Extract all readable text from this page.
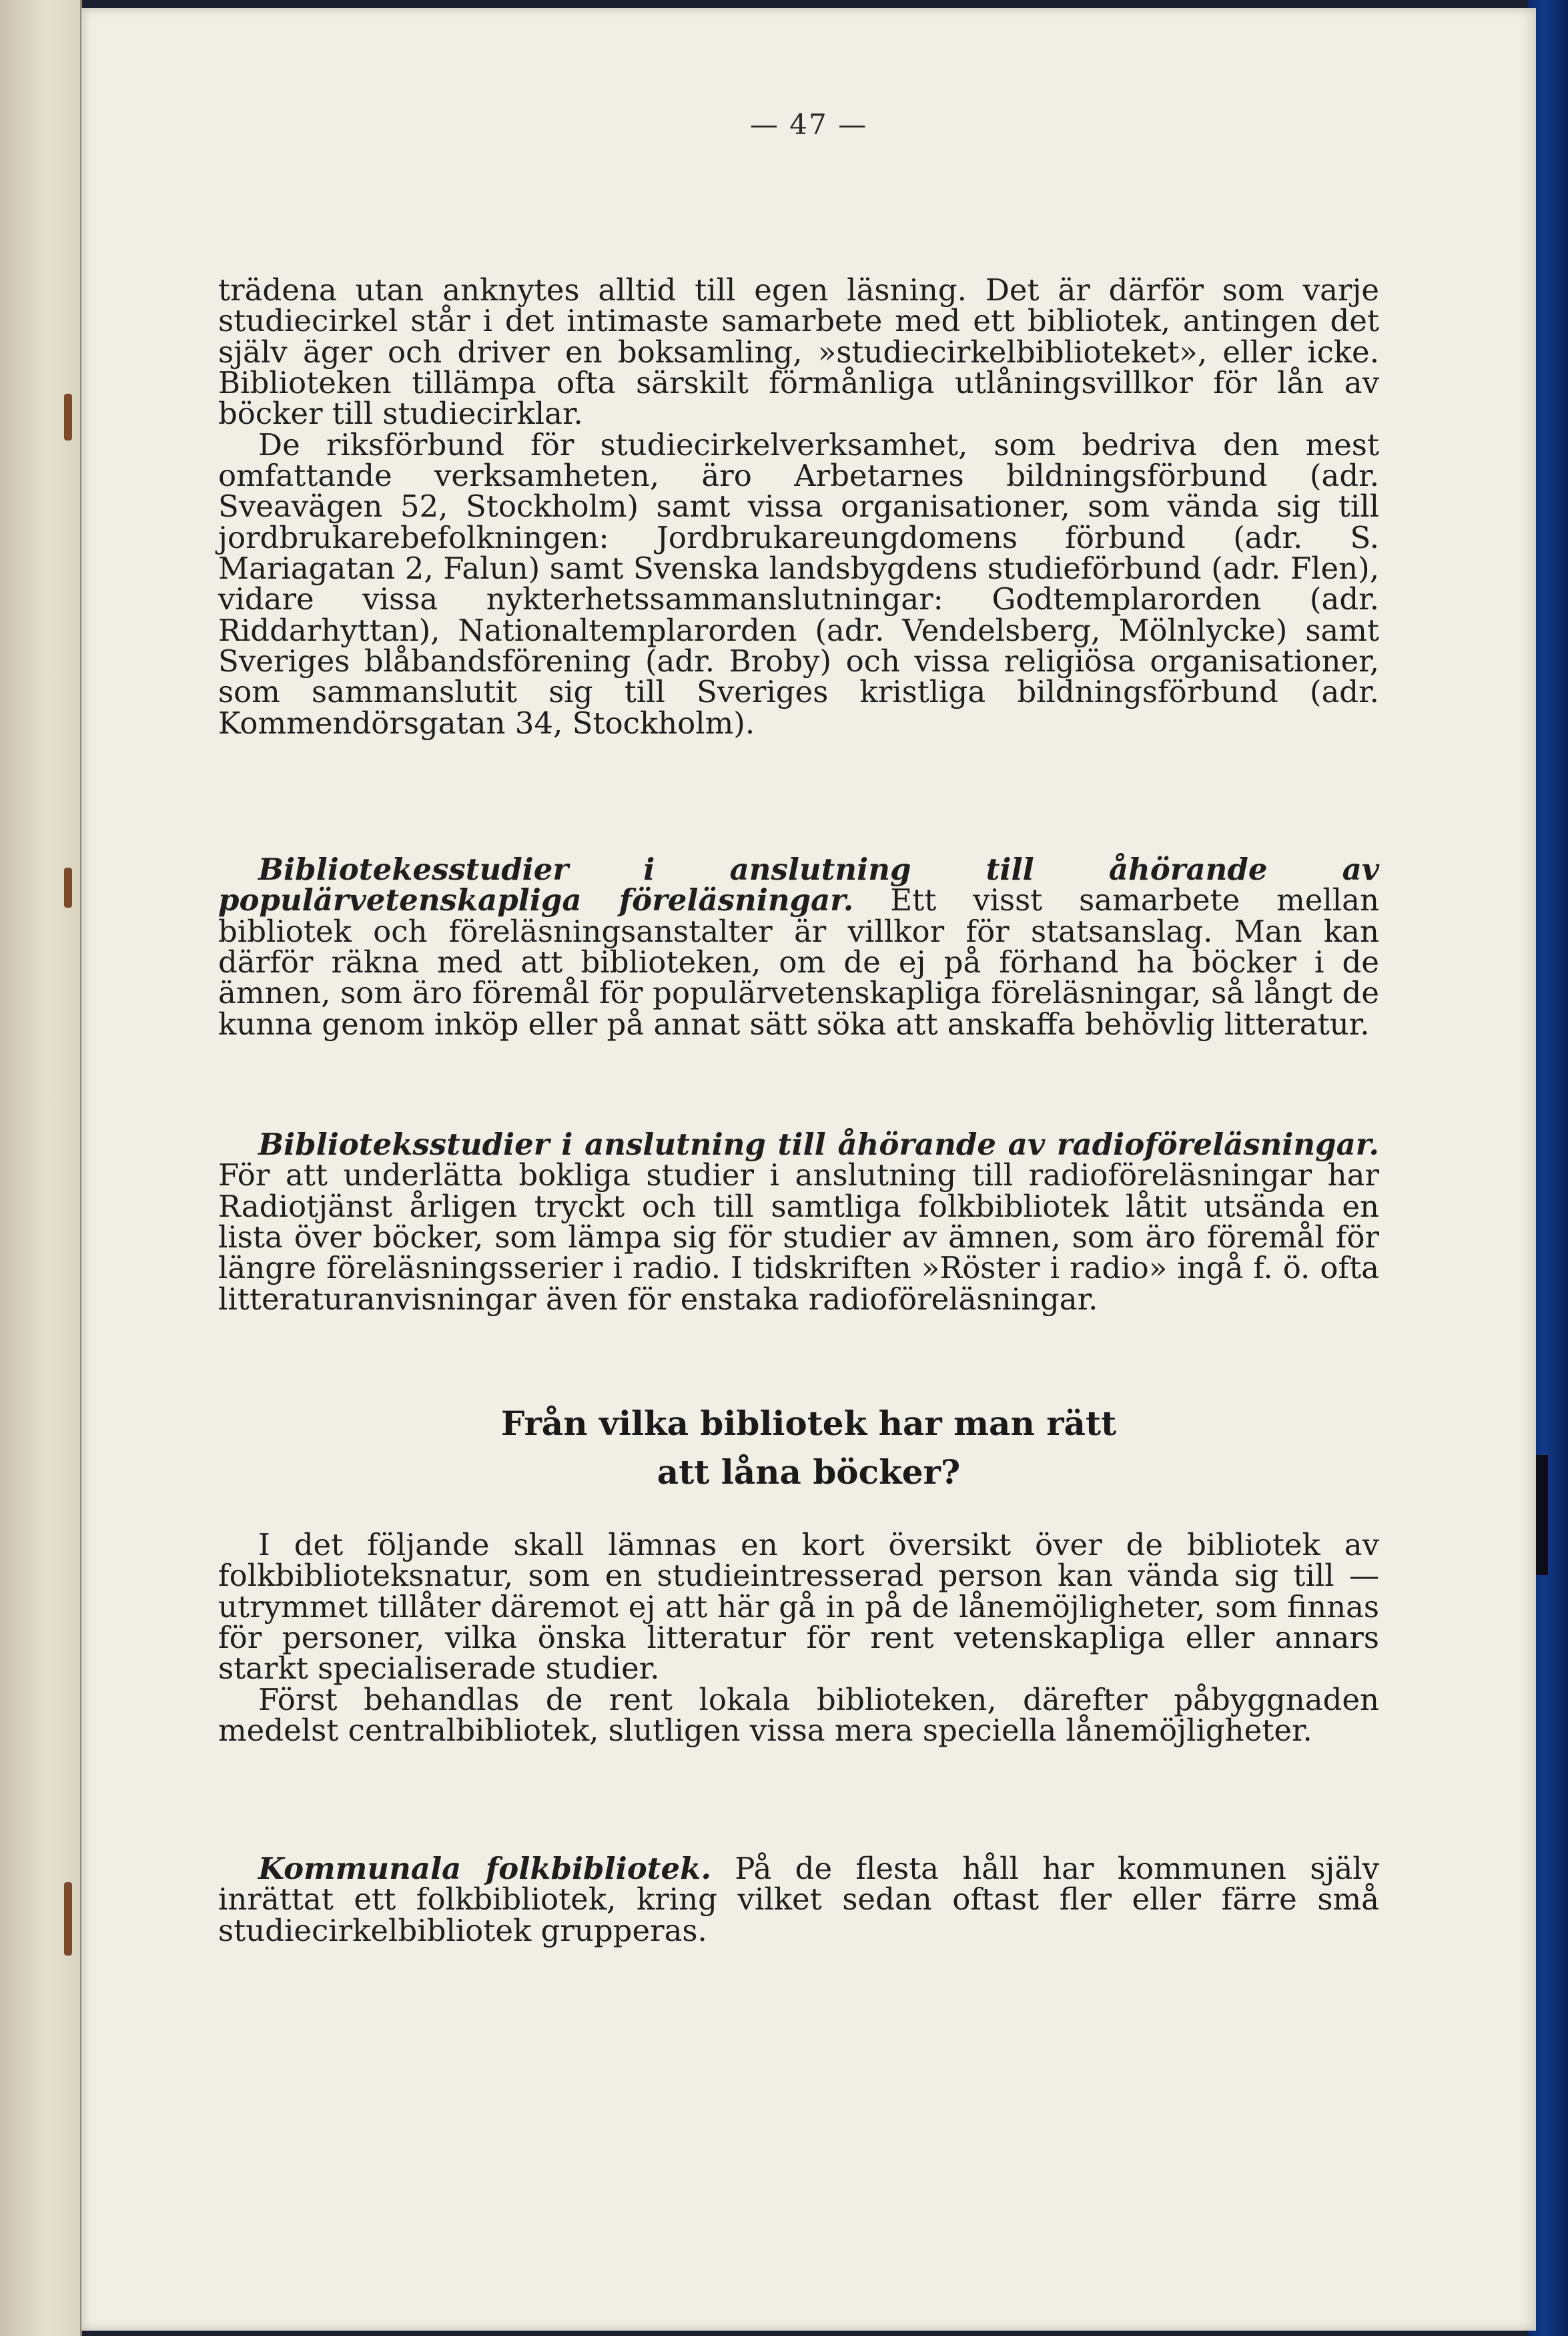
— 47 —

trädena utan anknytes alltid till egen läsning. Det är därför som varje studiecirkel står i det intimaste samarbete med ett bibliotek, antingen det själv äger och driver en boksamling, »studiecirkelbiblioteket», eller icke. Biblioteken tillämpa ofta särskilt förmånliga utlåningsvillkor för lån av böcker till studiecirklar.

De riksförbund för studiecirkelverksamhet, som bedriva den mest omfattande verksamheten, äro Arbetarnes bildningsförbund (adr. Sveavägen 52, Stockholm) samt vissa organisationer, som vända sig till jordbrukarebefolkningen: Jordbrukareungdomens förbund (adr. S. Mariagatan 2, Falun) samt Svenska landsbygdens studieförbund (adr. Flen), vidare vissa nykterhetssammanslutningar: Godtemplarorden (adr. Riddarhyttan), Nationaltemplarorden (adr. Vendelsberg, Mölnlycke) samt Sveriges blåbandsförening (adr. Broby) och vissa religiösa organisationer, som sammanslutit sig till Sveriges kristliga bildningsförbund (adr. Kommendörsgatan 34, Stockholm).

Bibliotekesstudier i anslutning till åhörande av populärvetenskapliga föreläsningar. Ett visst samarbete mellan bibliotek och föreläsningsanstalter är villkor för statsanslag. Man kan därför räkna med att biblioteken, om de ej på förhand ha böcker i de ämnen, som äro föremål för populärvetenskapliga föreläsningar, så långt de kunna genom inköp eller på annat sätt söka att anskaffa behövlig litteratur.

Biblioteksstudier i anslutning till åhörande av radioföreläsningar. För att underlätta bokliga studier i anslutning till radioföreläsningar har Radiotjänst årligen tryckt och till samtliga folkbibliotek låtit utsända en lista över böcker, som lämpa sig för studier av ämnen, som äro föremål för längre föreläsningsserier i radio. I tidskriften »Röster i radio» ingå f. ö. ofta litteraturanvisningar även för enstaka radioföreläsningar.

Från vilka bibliotek har man rätt
att låna böcker?

I det följande skall lämnas en kort översikt över de bibliotek av folkbiblioteksnatur, som en studieintresserad person kan vända sig till — utrymmet tillåter däremot ej att här gå in på de lånemöjligheter, som finnas för personer, vilka önska litteratur för rent vetenskapliga eller annars starkt specialiserade studier.

Först behandlas de rent lokala biblioteken, därefter påbyggnaden medelst centralbibliotek, slutligen vissa mera speciella lånemöjligheter.

Kommunala folkbibliotek. På de flesta håll har kommunen själv inrättat ett folkbibliotek, kring vilket sedan oftast fler eller färre små studiecirkelbibliotek grupperas.
